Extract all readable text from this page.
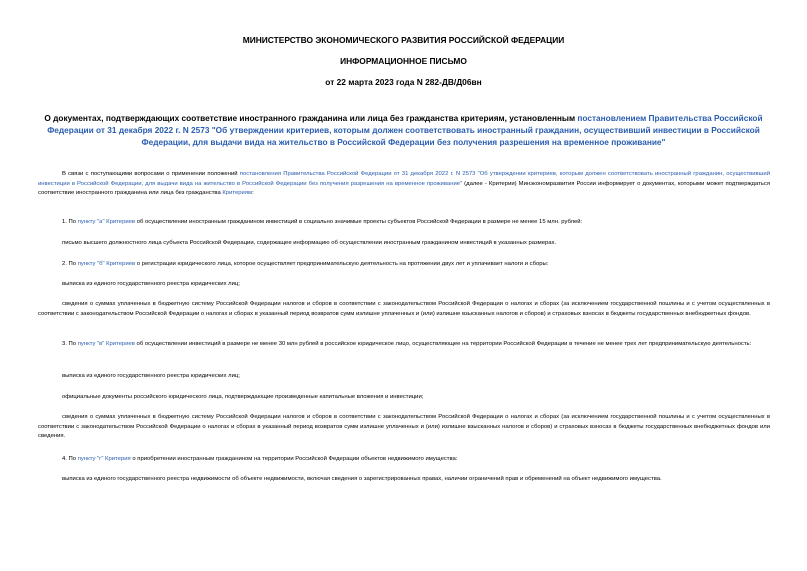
МИНИСТЕРСТВО ЭКОНОМИЧЕСКОГО РАЗВИТИЯ РОССИЙСКОЙ ФЕДЕРАЦИИ
ИНФОРМАЦИОННОЕ ПИСЬМО
от 22 марта 2023 года N 282-ДВ/Д06вн
О документах, подтверждающих соответствие иностранного гражданина или лица без гражданства критериям, установленным постановлением Правительства Российской Федерации от 31 декабря 2022 г. N 2573 "Об утверждении критериев, которым должен соответствовать иностранный гражданин, осуществивший инвестиции в Российской Федерации, для выдачи вида на жительство в Российской Федерации без получения разрешения на временное проживание"
В связи с поступающими вопросами о применении положений постановления Правительства Российской Федерации от 31 декабря 2022 г. N 2573 "Об утверждении критериев, которым должен соответствовать иностранный гражданин, осуществивший инвестиции в Российской Федерации, для выдачи вида на жительство в Российской Федерации без получения разрешения на временное проживание" (далее - Критерии) Минэкономразвития России информирует о документах, которыми может подтверждаться соответствие иностранного гражданина или лица без гражданства Критериям:
1. По пункту "а" Критериев об осуществлении иностранным гражданином инвестиций в социально значимые проекты субъектов Российской Федерации в размере не менее 15 млн. рублей:
письмо высшего должностного лица субъекта Российской Федерации, содержащее информацию об осуществлении иностранным гражданином инвестиций в указанных размерах.
2. По пункту "б" Критериев о регистрации юридического лица, которое осуществляет предпринимательскую деятельность на протяжении двух лет и уплачивает налоги и сборы:
выписка из единого государственного реестра юридических лиц;
сведения о суммах уплаченных в бюджетную систему Российской Федерации налогов и сборов в соответствии с законодательством Российской Федерации о налогах и сборах (за исключением государственной пошлины и с учетом осуществленных в соответствии с законодательством Российской Федерации о налогах и сборах в указанный период возвратов сумм излишне уплаченных и (или) излишне взысканных налогов и сборов) и страховых взносах в бюджеты государственных внебюджетных фондов.
3. По пункту "в" Критериев об осуществлении инвестиций в размере не менее 30 млн рублей в российское юридическое лицо, осуществляющее на территории Российской Федерации в течение не менее трех лет предпринимательскую деятельность:
выписка из единого государственного реестра юридических лиц;
официальные документы российского юридического лица, подтверждающие произведенные капитальные вложения и инвестиции;
сведения о суммах уплаченных в бюджетную систему Российской Федерации налогов и сборов в соответствии с законодательством Российской Федерации о налогах и сборах (за исключением государственной пошлины и с учетом осуществленных в соответствии с законодательством Российской Федерации о налогах и сборах в указанный период возвратов сумм излишне уплаченных и (или) излишне взысканных налогов и сборов) и страховых взносах в бюджеты государственных внебюджетных фондов или сведения.
4. По пункту "г" Критерия о приобретении иностранным гражданином на территории Российской Федерации объектов недвижимого имущества:
выписка из единого государственного реестра недвижимости об объекте недвижимости, включая сведения о зарегистрированных правах, наличии ограничений прав и обременений на объект недвижимого имущества.
